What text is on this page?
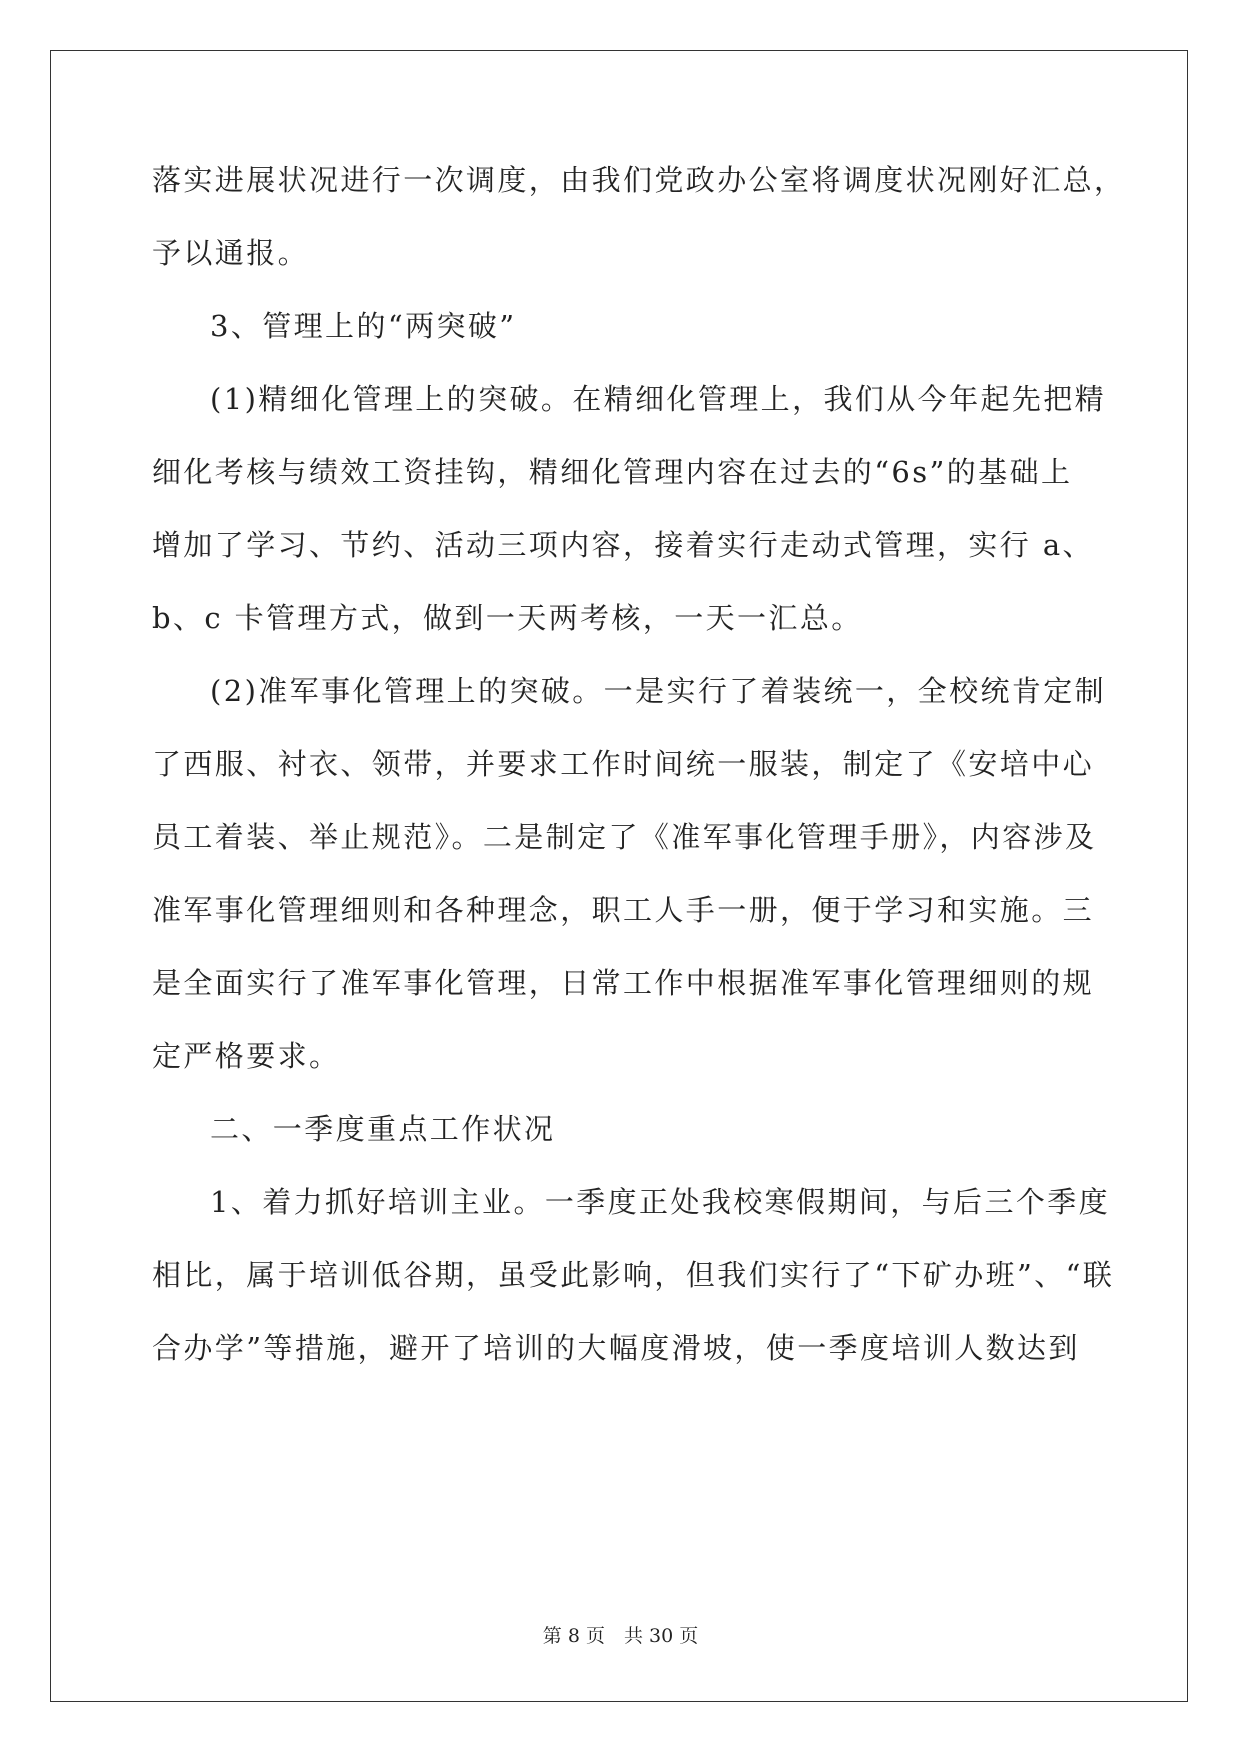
落实进展状况进行一次调度，由我们党政办公室将调度状况刚好汇总，
予以通报。
3、管理上的“两突破”
(1)精细化管理上的突破。在精细化管理上，我们从今年起先把精
细化考核与绩效工资挂钩，精细化管理内容在过去的“6s”的基础上
增加了学习、节约、活动三项内容，接着实行走动式管理，实行 a、
b、c 卡管理方式，做到一天两考核，一天一汇总。
(2)准军事化管理上的突破。一是实行了着装统一，全校统肯定制
了西服、衬衣、领带，并要求工作时间统一服装，制定了《安培中心
员工着装、举止规范》。二是制定了《准军事化管理手册》，内容涉及
准军事化管理细则和各种理念，职工人手一册，便于学习和实施。三
是全面实行了准军事化管理，日常工作中根据准军事化管理细则的规
定严格要求。
二、一季度重点工作状况
1、着力抓好培训主业。一季度正处我校寒假期间，与后三个季度
相比，属于培训低谷期，虽受此影响，但我们实行了“下矿办班”、“联
合办学”等措施，避开了培训的大幅度滑坡，使一季度培训人数达到
第 8 页　共 30 页
